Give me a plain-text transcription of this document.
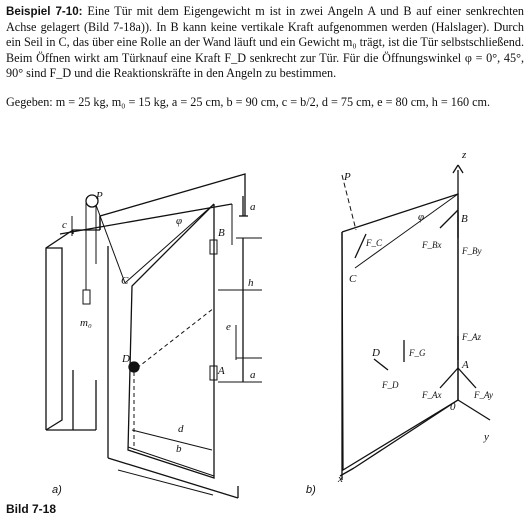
Beispiel 7-10: Eine Tür mit dem Eigengewicht m ist in zwei Angeln A und B auf einer senkrechten Achse gelagert (Bild 7-18a)). In B kann keine vertikale Kraft aufgenommen werden (Halslager). Durch ein Seil in C, das über eine Rolle an der Wand läuft und ein Gewicht m₀ trägt, ist die Tür selbstschließend. Beim Öffnen wirkt am Türknauf eine Kraft F_D senkrecht zur Tür. Für die Öffnungswinkel φ = 0°, 45°, 90° sind F_D und die Reaktionskräfte in den Angeln zu bestimmen.

Gegeben: m = 25 kg, m₀ = 15 kg, a = 25 cm, b = 90 cm, c = b/2, d = 75 cm, e = 80 cm, h = 160 cm.
P
c	φ
B
a
C	h
m₀	e
D
A a
d
b
P
z
φ	B
F_C	F_Bx
F_By
C
F_Az
D	F_G
A
F_D
F_Ax	F_Ay
0
y
x
a)	b)
Bild 7-18
